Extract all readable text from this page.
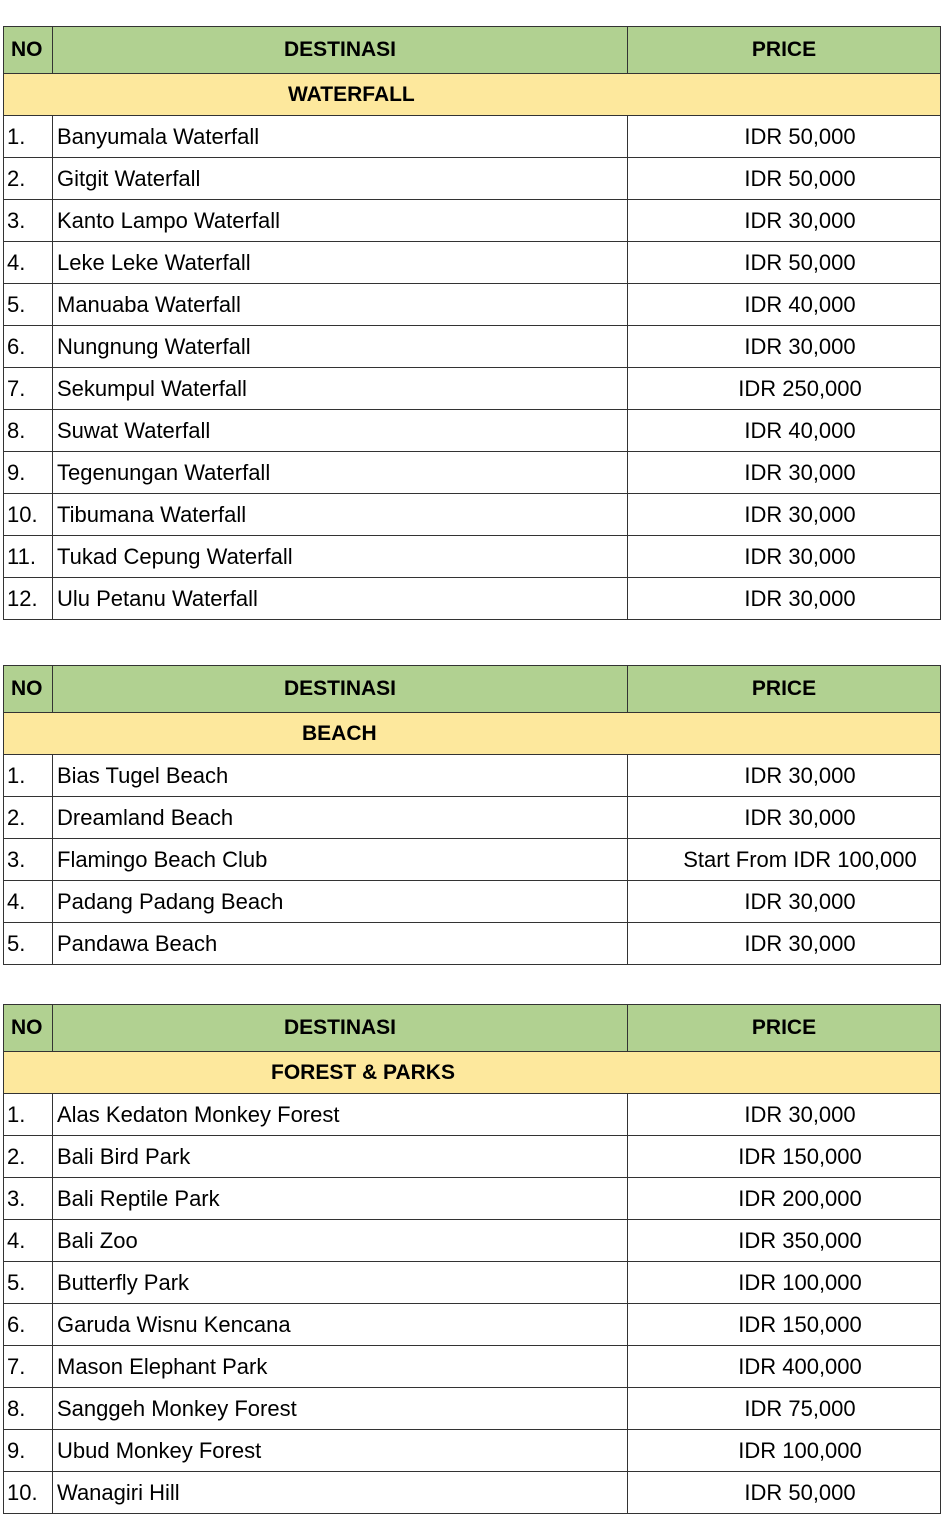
NO	DESTINASI	PRICE
WATERFALL		
1.	Banyumala Waterfall	IDR 50,000
2.	Gitgit Waterfall	IDR 50,000
3.	Kanto Lampo Waterfall	IDR 30,000
4.	Leke Leke Waterfall	IDR 50,000
5.	Manuaba Waterfall	IDR 40,000
6.	Nungnung Waterfall	IDR 30,000
7.	Sekumpul Waterfall	IDR 250,000
8.	Suwat Waterfall	IDR 40,000
9.	Tegenungan Waterfall	IDR 30,000
10.	Tibumana Waterfall	IDR 30,000
11.	Tukad Cepung Waterfall	IDR 30,000
12.	Ulu Petanu Waterfall	IDR 30,000
NO	DESTINASI	PRICE
BEACH		
1.	Bias Tugel Beach	IDR 30,000
2.	Dreamland Beach	IDR 30,000
3.	Flamingo Beach Club	Start From IDR 100,000
4.	Padang Padang Beach	IDR 30,000
5.	Pandawa Beach	IDR 30,000
NO	DESTINASI	PRICE
FOREST & PARKS		
1.	Alas Kedaton Monkey Forest	IDR 30,000
2.	Bali Bird Park	IDR 150,000
3.	Bali Reptile Park	IDR 200,000
4.	Bali Zoo	IDR 350,000
5.	Butterfly Park	IDR 100,000
6.	Garuda Wisnu Kencana	IDR 150,000
7.	Mason Elephant Park	IDR 400,000
8.	Sanggeh Monkey Forest	IDR 75,000
9.	Ubud Monkey Forest	IDR 100,000
10.	Wanagiri Hill	IDR 50,000
